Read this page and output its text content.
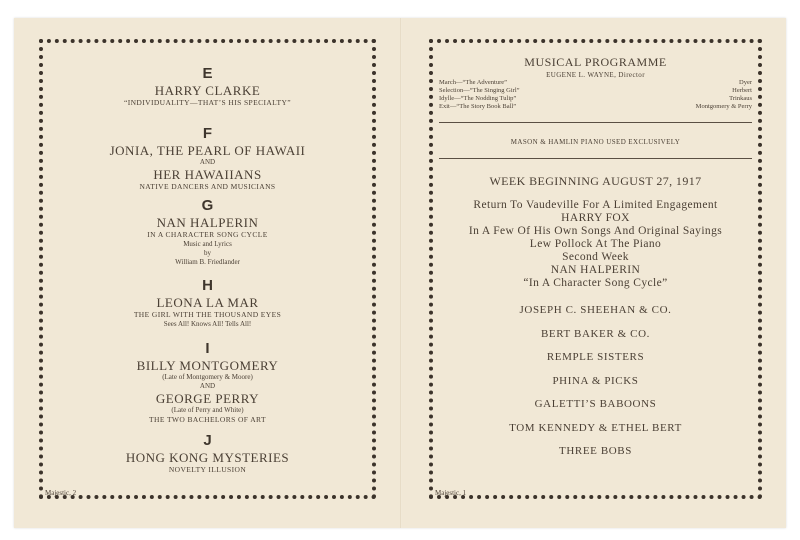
E
HARRY CLARKE
“INDIVIDUALITY—THAT’S HIS SPECIALTY”
F
JONIA, THE PEARL OF HAWAII
AND
HER HAWAIIANS
NATIVE DANCERS AND MUSICIANS
G
NAN HALPERIN
IN A CHARACTER SONG CYCLE
Music and Lyrics
by
William B. Friedlander
H
LEONA LA MAR
THE GIRL WITH THE THOUSAND EYES
Sees All! Knows All! Tells All!
I
BILLY MONTGOMERY
(Late of Montgomery & Moore)
AND
GEORGE PERRY
(Late of Perry and White)
THE TWO BACHELORS OF ART
J
HONG KONG MYSTERIES
NOVELTY ILLUSION
Majestic, 2
MUSICAL PROGRAMME
EUGENE L. WAYNE, Director
March—“The Adventure”	Dyer
Selection—“The Singing Girl”	Herbert
Idylle—“The Nodding Tulip”	Trinkaus
Exit—“The Story Book Ball”	Montgomery & Perry
MASON & HAMLIN PIANO USED EXCLUSIVELY
WEEK BEGINNING AUGUST 27, 1917
Return To Vaudeville For A Limited Engagement
HARRY FOX
In A Few Of His Own Songs And Original Sayings
Lew Pollock At The Piano
Second Week
NAN HALPERIN
“In A Character Song Cycle”
JOSEPH C. SHEEHAN & CO.
BERT BAKER & CO.
REMPLE SISTERS
PHINA & PICKS
GALETTI’S BABOONS
TOM KENNEDY & ETHEL BERT
THREE BOBS
Majestic, 1
